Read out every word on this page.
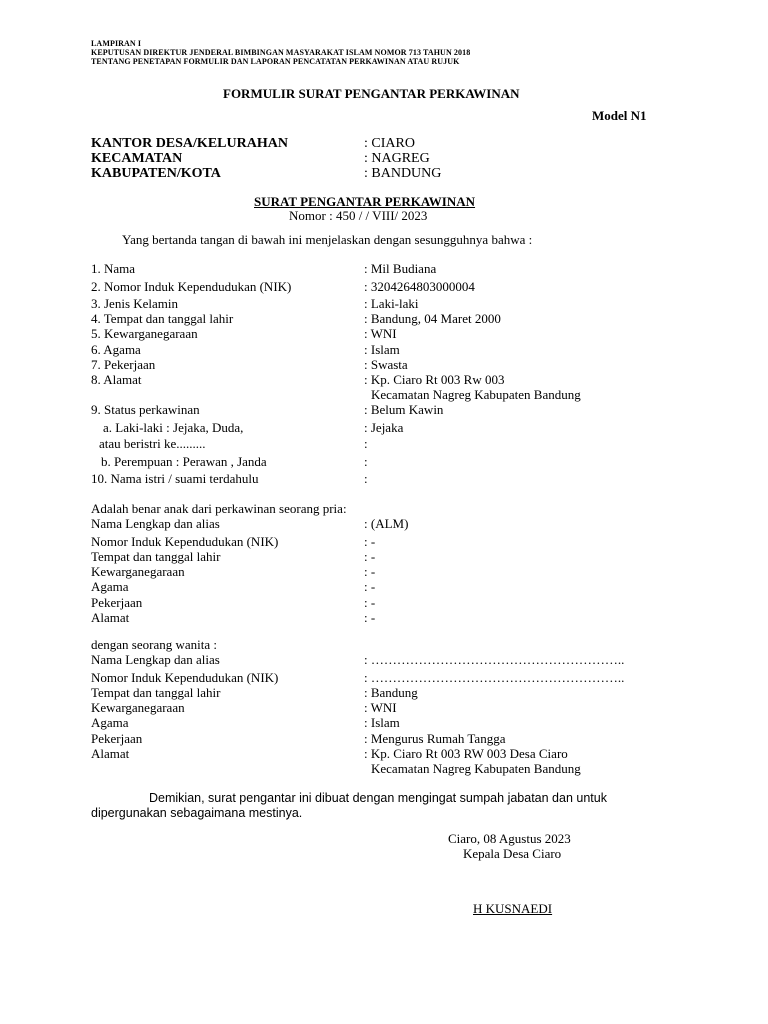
LAMPIRAN I
KEPUTUSAN DIREKTUR JENDERAL BIMBINGAN MASYARAKAT ISLAM NOMOR 713 TAHUN 2018
TENTANG PENETAPAN FORMULIR DAN LAPORAN PENCATATAN PERKAWINAN ATAU RUJUK
FORMULIR SURAT PENGANTAR PERKAWINAN
Model N1
KANTOR DESA/KELURAHAN	: CIARO
KECAMATAN	: NAGREG
KABUPATEN/KOTA	: BANDUNG
SURAT PENGANTAR PERKAWINAN
Nomor : 450 / / VIII/ 2023
Yang bertanda tangan di bawah ini menjelaskan dengan sesungguhnya bahwa :
1. Nama	: Mil Budiana
2. Nomor Induk Kependudukan (NIK)	: 3204264803000004
3. Jenis Kelamin	: Laki-laki
4. Tempat dan tanggal lahir	: Bandung, 04 Maret 2000
5. Kewarganegaraan	: WNI
6. Agama	: Islam
7. Pekerjaan	: Swasta
8. Alamat	: Kp. Ciaro Rt 003 Rw 003
Kecamatan Nagreg Kabupaten Bandung
9. Status perkawinan	: Belum Kawin
a. Laki-laki : Jejaka, Duda,	: Jejaka
atau beristri ke.........	:
b. Perempuan : Perawan , Janda	:
10. Nama istri / suami terdahulu	:
Adalah benar anak dari perkawinan seorang pria:
Nama Lengkap dan alias	: (ALM)
Nomor Induk Kependudukan (NIK)	: -
Tempat dan tanggal lahir	: -
Kewarganegaraan	: -
Agama	: -
Pekerjaan	: -
Alamat	: -
dengan seorang wanita :
Nama Lengkap dan alias	: …………………………………………………..
Nomor Induk Kependudukan (NIK)	: …………………………………………………..
Tempat dan tanggal lahir	: Bandung
Kewarganegaraan	: WNI
Agama	: Islam
Pekerjaan	: Mengurus Rumah Tangga
Alamat	: Kp. Ciaro Rt 003 RW 003 Desa Ciaro
Kecamatan Nagreg Kabupaten Bandung
Demikian, surat pengantar ini dibuat dengan mengingat sumpah jabatan dan untuk
dipergunakan sebagaimana mestinya.
Ciaro, 08 Agustus 2023
Kepala Desa Ciaro
H KUSNAEDI
